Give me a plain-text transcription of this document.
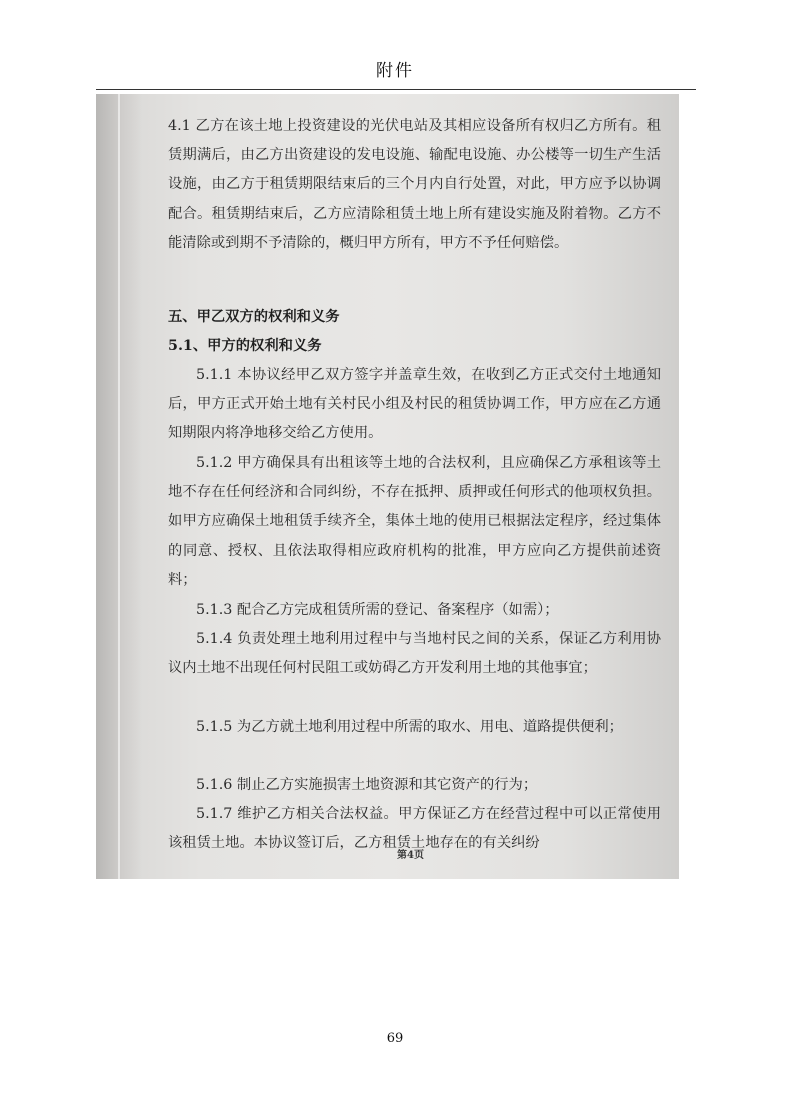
附件

4.1 乙方在该土地上投资建设的光伏电站及其相应设备所有权归乙方所有。租赁期满后，由乙方出资建设的发电设施、输配电设施、办公楼等一切生产生活设施，由乙方于租赁期限结束后的三个月内自行处置，对此，甲方应予以协调配合。租赁期结束后，乙方应清除租赁土地上所有建设实施及附着物。乙方不能清除或到期不予清除的，概归甲方所有，甲方不予任何赔偿。

五、甲乙双方的权利和义务

5.1、甲方的权利和义务

5.1.1 本协议经甲乙双方签字并盖章生效，在收到乙方正式交付土地通知后，甲方正式开始土地有关村民小组及村民的租赁协调工作，甲方应在乙方通知期限内将净地移交给乙方使用。

5.1.2 甲方确保具有出租该等土地的合法权利，且应确保乙方承租该等土地不存在任何经济和合同纠纷，不存在抵押、质押或任何形式的他项权负担。如甲方应确保土地租赁手续齐全，集体土地的使用已根据法定程序，经过集体的同意、授权、且依法取得相应政府机构的批准，甲方应向乙方提供前述资料；

5.1.3 配合乙方完成租赁所需的登记、备案程序（如需）；

5.1.4 负责处理土地利用过程中与当地村民之间的关系，保证乙方利用协议内土地不出现任何村民阻工或妨碍乙方开发利用土地的其他事宜；

5.1.5 为乙方就土地利用过程中所需的取水、用电、道路提供便利；

5.1.6 制止乙方实施损害土地资源和其它资产的行为；

5.1.7 维护乙方相关合法权益。甲方保证乙方在经营过程中可以正常使用该租赁土地。本协议签订后，乙方租赁土地存在的有关纠纷

第4页
69
